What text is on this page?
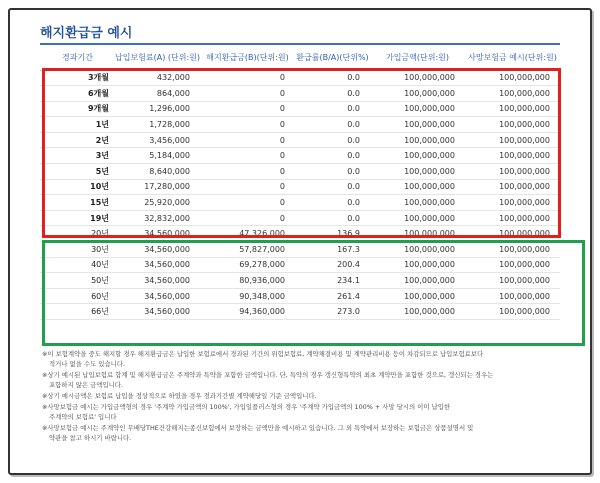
해지환급금 예시
경과기간	납입보험료(A) (단위:원)	해지환급금(B)(단위:원)	환급률(B/A)(단위%)	가입금액(단위:원)	사망보험금 예시(단위:원)
3개월	432,000	0	0.0	100,000,000	100,000,000
6개월	864,000	0	0.0	100,000,000	100,000,000
9개월	1,296,000	0	0.0	100,000,000	100,000,000
1년	1,728,000	0	0.0	100,000,000	100,000,000
2년	3,456,000	0	0.0	100,000,000	100,000,000
3년	5,184,000	0	0.0	100,000,000	100,000,000
5년	8,640,000	0	0.0	100,000,000	100,000,000
10년	17,280,000	0	0.0	100,000,000	100,000,000
15년	25,920,000	0	0.0	100,000,000	100,000,000
19년	32,832,000	0	0.0	100,000,000	100,000,000
20년	34,560,000	47,326,000	136.9	100,000,000	100,000,000
30년	34,560,000	57,827,000	167.3	100,000,000	100,000,000
40년	34,560,000	69,278,000	200.4	100,000,000	100,000,000
50년	34,560,000	80,936,000	234.1	100,000,000	100,000,000
60년	34,560,000	90,348,000	261.4	100,000,000	100,000,000
66년	34,560,000	94,360,000	273.0	100,000,000	100,000,000
※이 보험계약을 중도 해지할 경우 해지환급금은 납입한 보험료에서 경과된 기간의 위험보험료, 계약체결비용 및 계약관리비용 등이 차감되므로 납입보험료보다
적거나 없을 수도 있습니다.
※상기 예시된 납입보험료 합계 및 해지환급금은 주계약과 특약을 포함한 금액입니다. 단, 특약의 경우 갱신형특약의 최초 계약만을 포함한 것으로, 갱신되는 경우는
포함하지 않은 금액입니다.
※상기 예시금액은 보험료 납입을 정상적으로 하였을 경우 경과기간별 계약해당일 기준 금액입니다.
※사망보험금 예시는 가입금액형의 경우 '주계약 가입금액의 100%', 가입일플러스형의 경우 '주계약 가입금액의 100% + 사망 당시의 이미 납입한
주계약의 보험료' 입니다
※사망보험금 예시는 주계약인 무배당THE건강해지는종신보험에서 보장하는 금액만을 예시하고 있습니다. 그 외 특약에서 보장하는 보험금은 상품설명서 및
약관을 참고 하시기 바랍니다.
